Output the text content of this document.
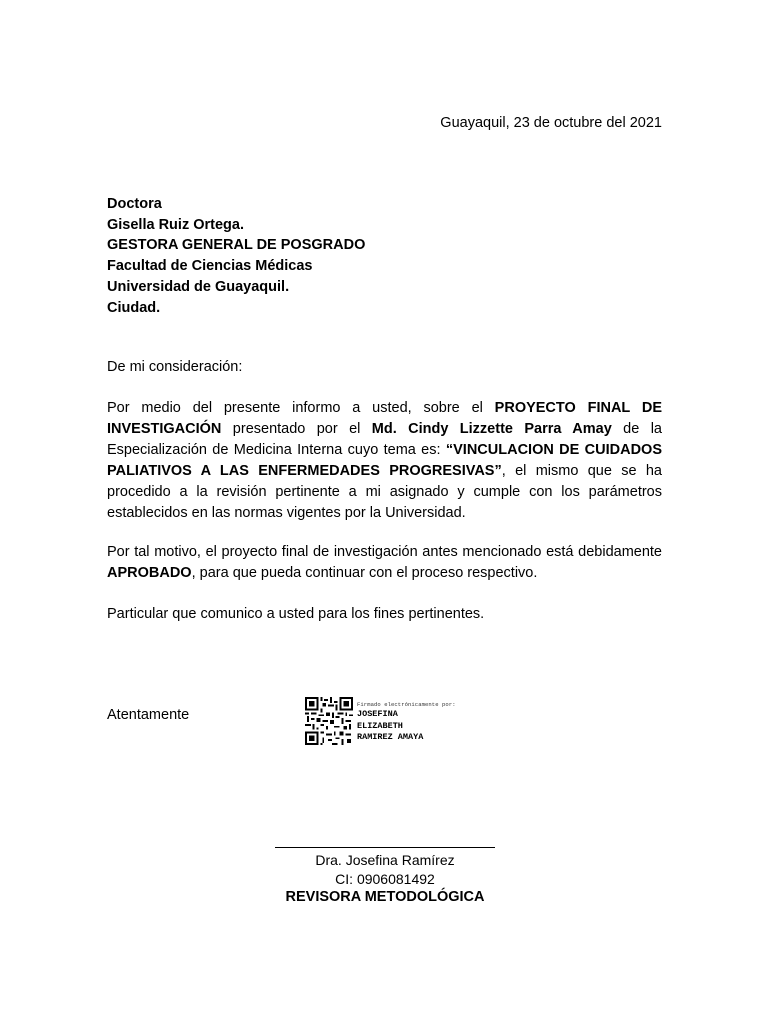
Guayaquil, 23 de octubre del 2021
Doctora
Gisella Ruiz Ortega.
GESTORA GENERAL DE POSGRADO
Facultad de Ciencias Médicas
Universidad de Guayaquil.
Ciudad.
De mi consideración:
Por medio del presente informo a usted, sobre el PROYECTO FINAL DE INVESTIGACIÓN presentado por el Md. Cindy Lizzette Parra Amay de la Especialización de Medicina Interna cuyo tema es: “VINCULACION DE CUIDADOS PALIATIVOS A LAS ENFERMEDADES PROGRESIVAS”, el mismo que se ha procedido a la revisión pertinente a mi asignado y cumple con los parámetros establecidos en las normas vigentes por la Universidad.
Por tal motivo, el proyecto final de investigación antes mencionado está debidamente APROBADO, para que pueda continuar con el proceso respectivo.
Particular que comunico a usted para los fines pertinentes.
Atentamente
Firmado electrónicamente por:
JOSEFINA
ELIZABETH
RAMIREZ AMAYA
Dra. Josefina Ramírez
CI: 0906081492
REVISORA METODOLÓGICA
